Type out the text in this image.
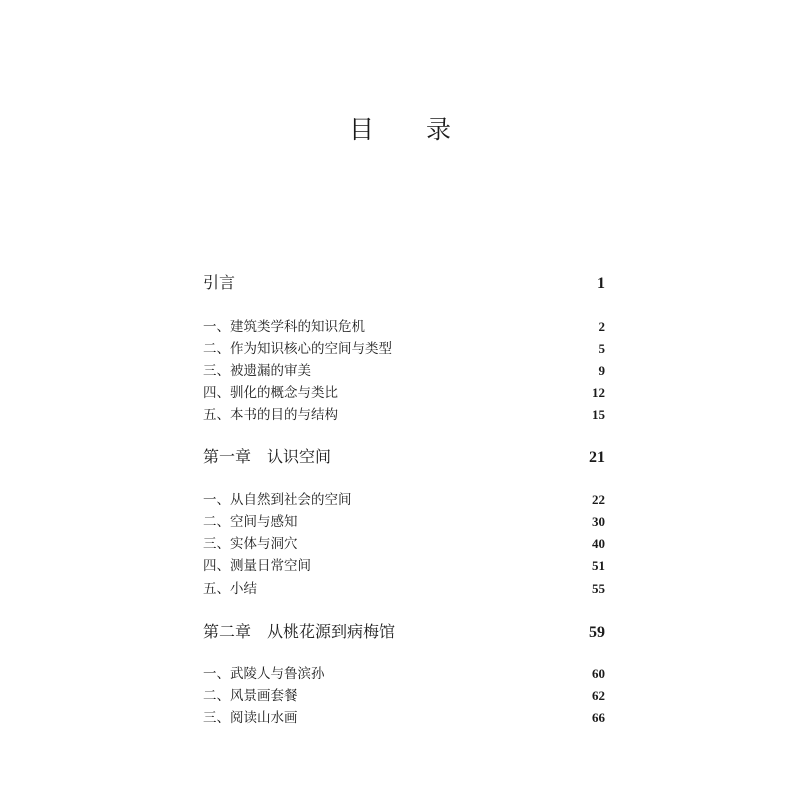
目 录
引言	1
一、建筑类学科的知识危机	2
二、作为知识核心的空间与类型	5
三、被遗漏的审美	9
四、驯化的概念与类比	12
五、本书的目的与结构	15
第一章　认识空间	21
一、从自然到社会的空间	22
二、空间与感知	30
三、实体与洞穴	40
四、测量日常空间	51
五、小结	55
第二章　从桃花源到病梅馆	59
一、武陵人与鲁滨孙	60
二、风景画套餐	62
三、阅读山水画	66
